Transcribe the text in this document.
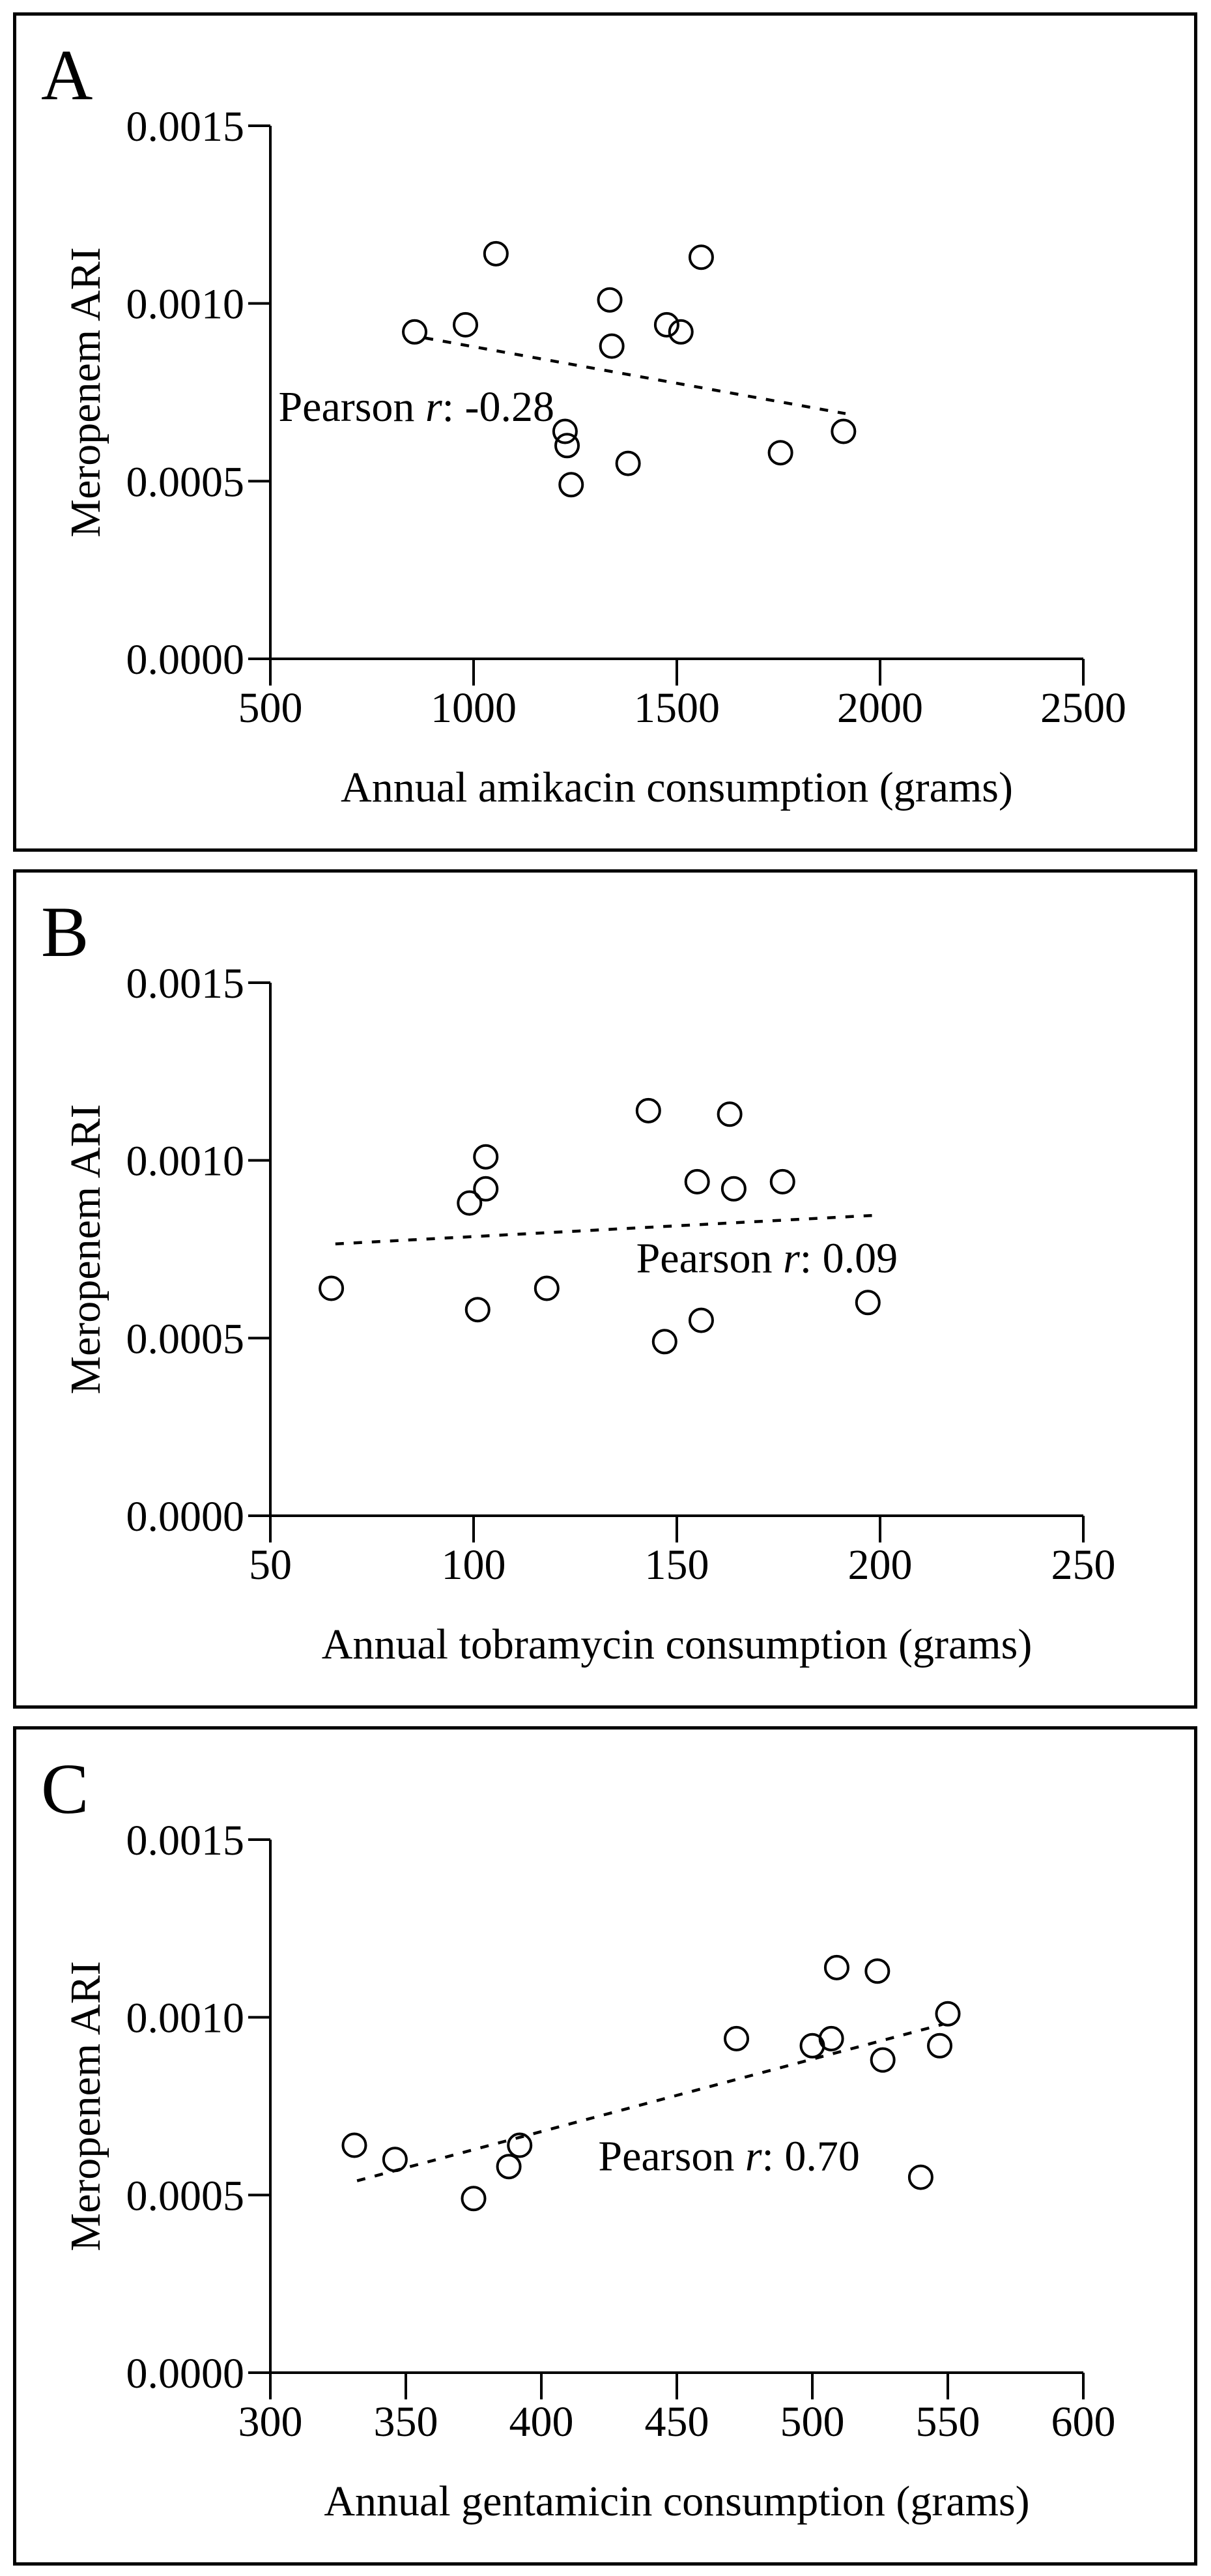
A
500	1000	1500	2000	2500
0.0000
0.0005
0.0010
0.0015
Annual amikacin consumption (grams)
Meropenem ARI	Pearson r: -0.28
B
50	100	150	200	250
0.0000
0.0005
0.0010
0.0015
Annual tobramycin consumption (grams)
Meropenem ARI	Pearson r: 0.09
C
300 350 400 450 500 550 600
0.0000
0.0005
0.0010
0.0015
Annual gentamicin consumption (grams)
Meropenem ARI	Pearson r: 0.70
